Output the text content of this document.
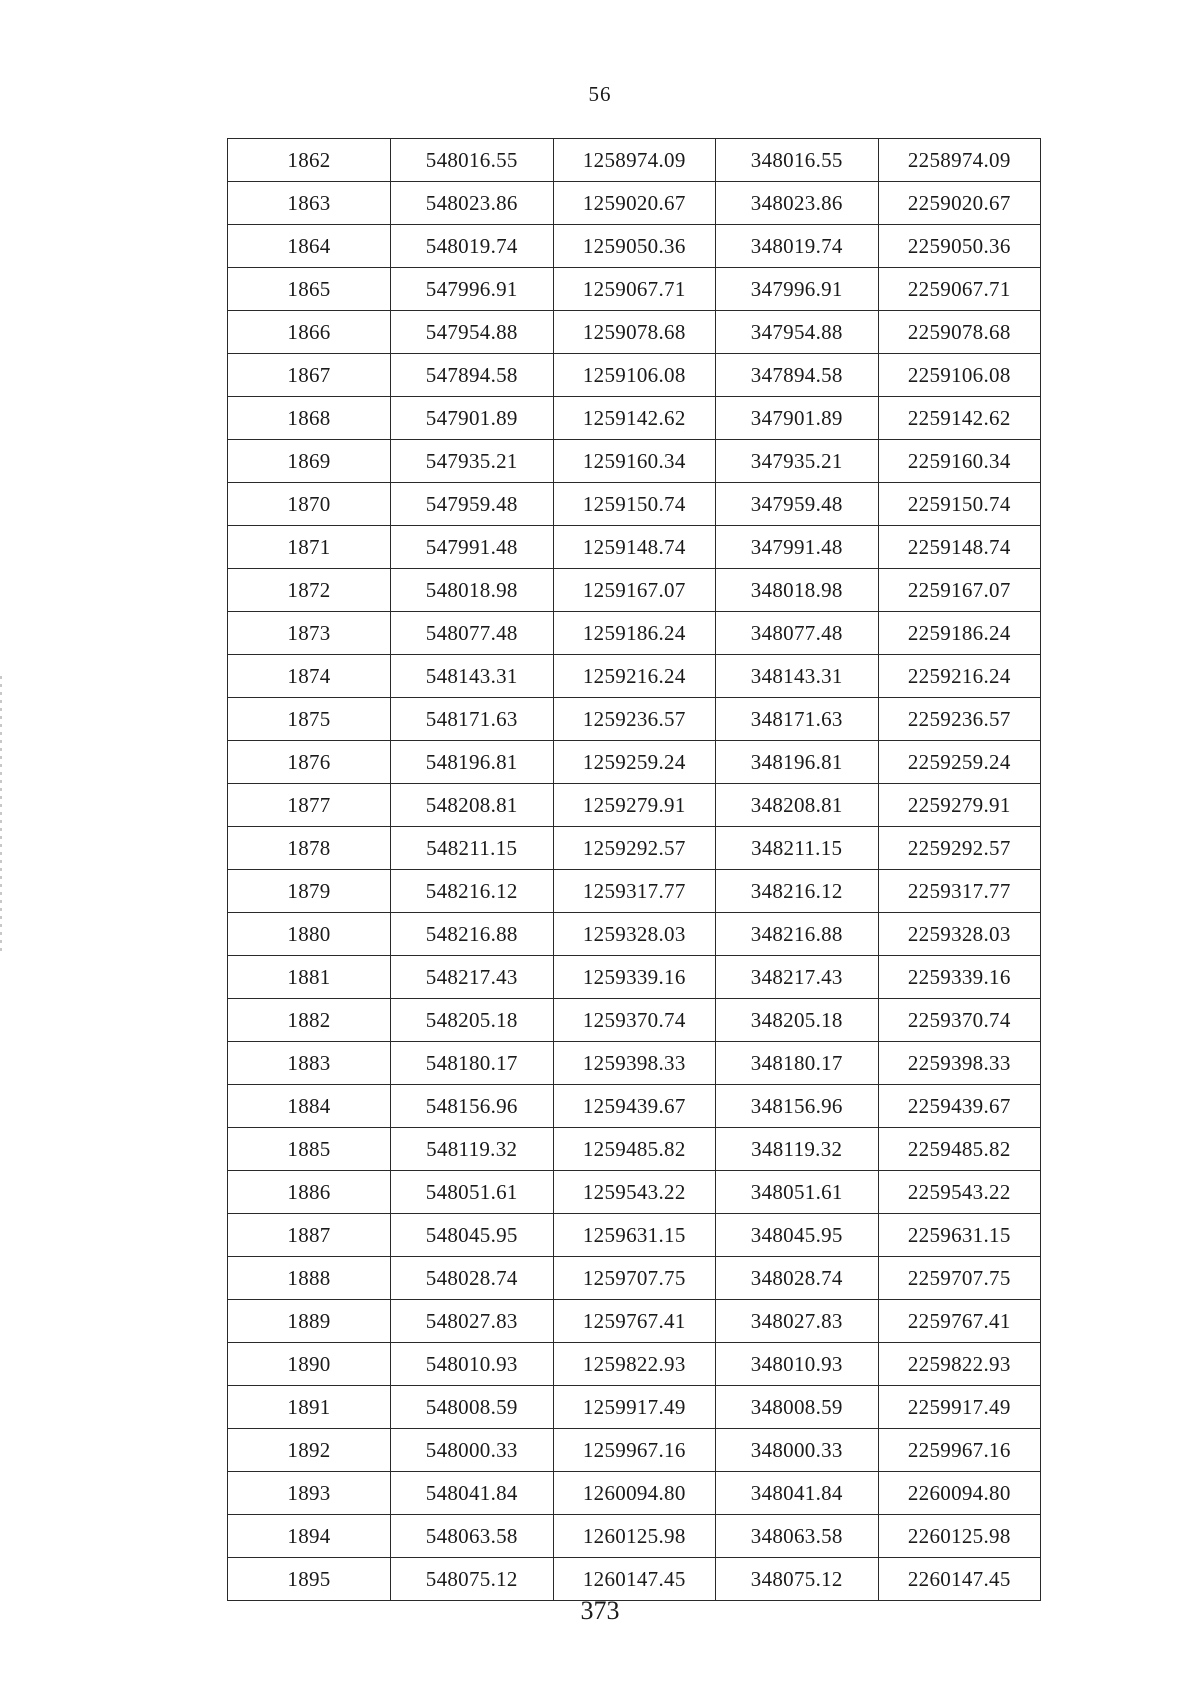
56
1862	548016.55	1258974.09	348016.55	2258974.09
1863	548023.86	1259020.67	348023.86	2259020.67
1864	548019.74	1259050.36	348019.74	2259050.36
1865	547996.91	1259067.71	347996.91	2259067.71
1866	547954.88	1259078.68	347954.88	2259078.68
1867	547894.58	1259106.08	347894.58	2259106.08
1868	547901.89	1259142.62	347901.89	2259142.62
1869	547935.21	1259160.34	347935.21	2259160.34
1870	547959.48	1259150.74	347959.48	2259150.74
1871	547991.48	1259148.74	347991.48	2259148.74
1872	548018.98	1259167.07	348018.98	2259167.07
1873	548077.48	1259186.24	348077.48	2259186.24
1874	548143.31	1259216.24	348143.31	2259216.24
1875	548171.63	1259236.57	348171.63	2259236.57
1876	548196.81	1259259.24	348196.81	2259259.24
1877	548208.81	1259279.91	348208.81	2259279.91
1878	548211.15	1259292.57	348211.15	2259292.57
1879	548216.12	1259317.77	348216.12	2259317.77
1880	548216.88	1259328.03	348216.88	2259328.03
1881	548217.43	1259339.16	348217.43	2259339.16
1882	548205.18	1259370.74	348205.18	2259370.74
1883	548180.17	1259398.33	348180.17	2259398.33
1884	548156.96	1259439.67	348156.96	2259439.67
1885	548119.32	1259485.82	348119.32	2259485.82
1886	548051.61	1259543.22	348051.61	2259543.22
1887	548045.95	1259631.15	348045.95	2259631.15
1888	548028.74	1259707.75	348028.74	2259707.75
1889	548027.83	1259767.41	348027.83	2259767.41
1890	548010.93	1259822.93	348010.93	2259822.93
1891	548008.59	1259917.49	348008.59	2259917.49
1892	548000.33	1259967.16	348000.33	2259967.16
1893	548041.84	1260094.80	348041.84	2260094.80
1894	548063.58	1260125.98	348063.58	2260125.98
1895	548075.12	1260147.45	348075.12	2260147.45
373
